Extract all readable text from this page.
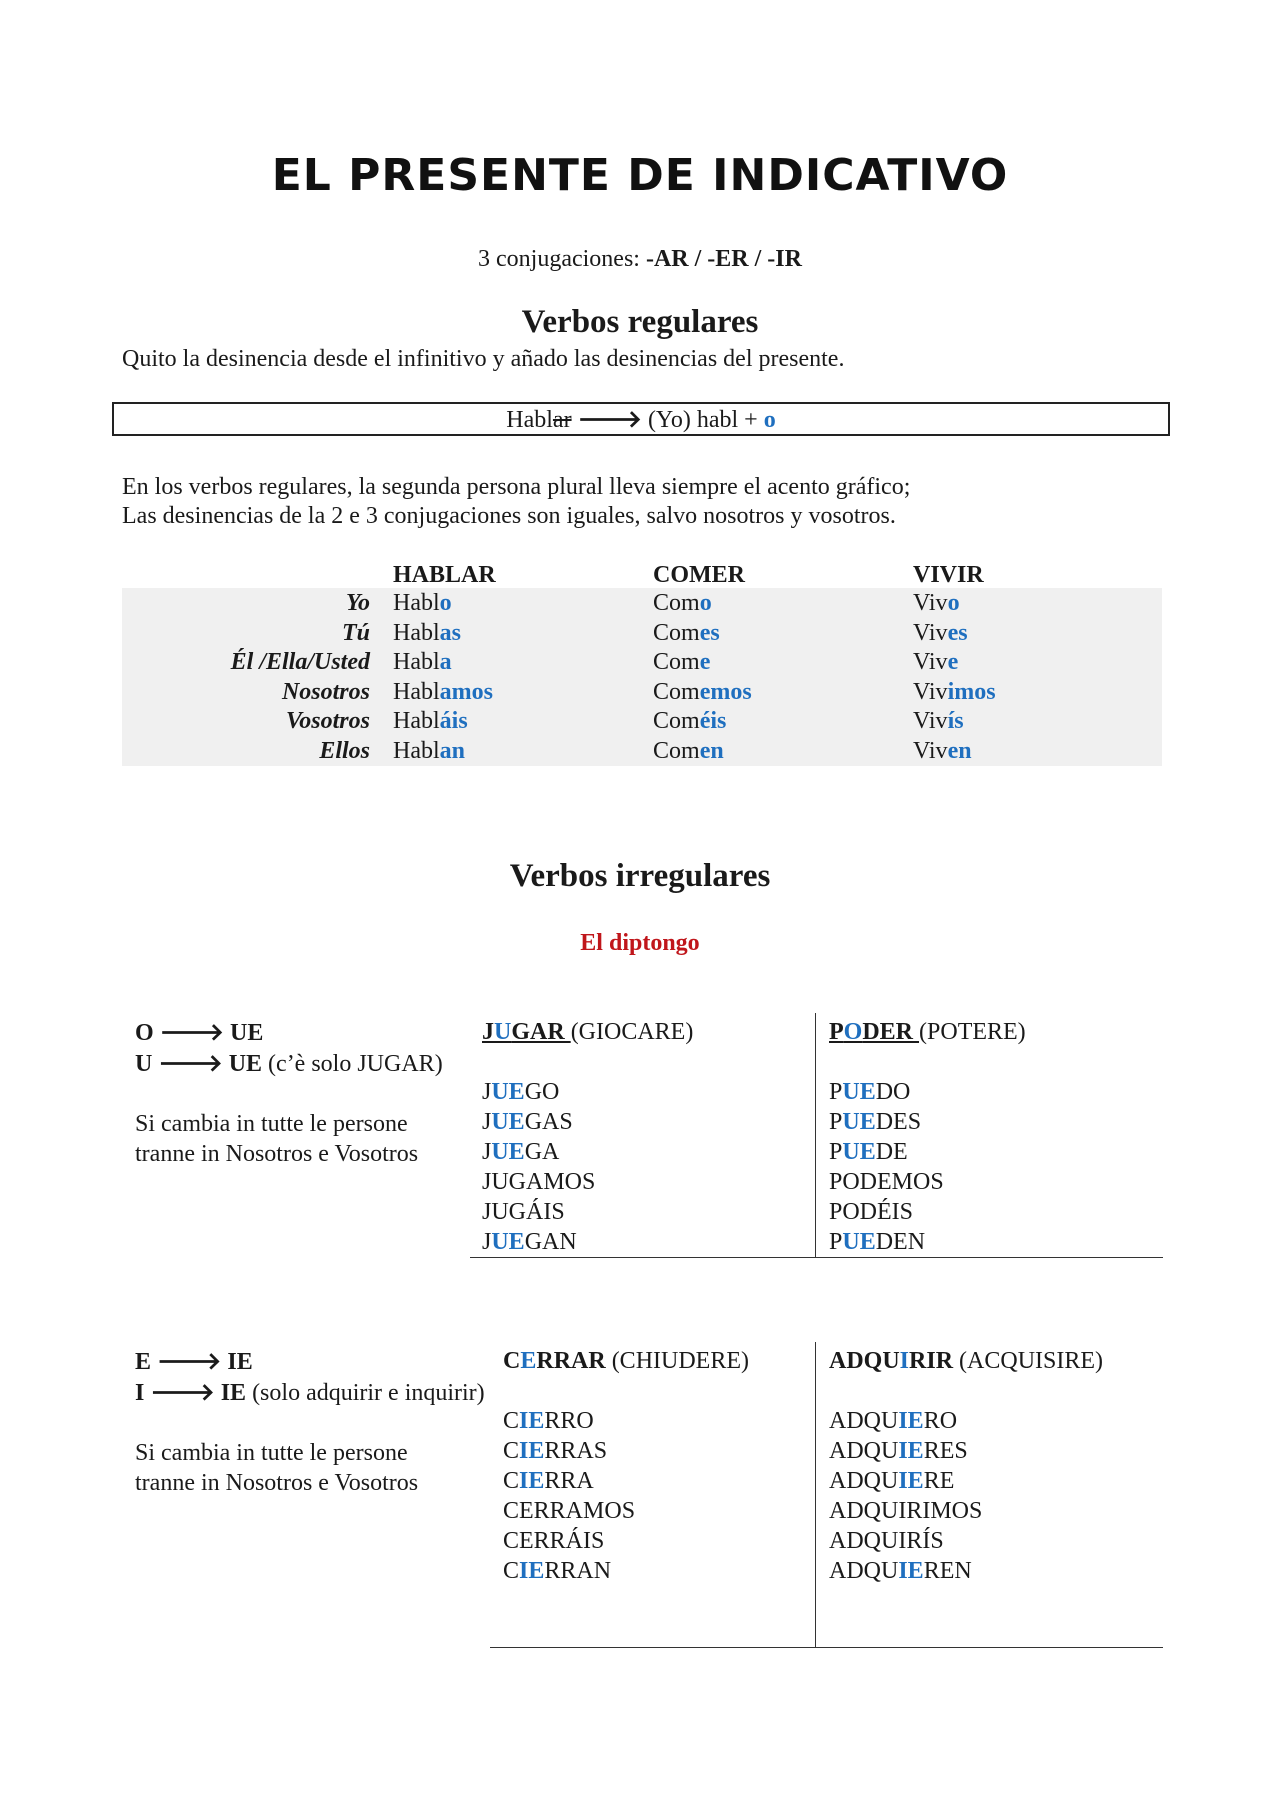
EL PRESENTE DE INDICATIVO
3 conjugaciones: -AR / -ER / -IR
Verbos regulares
Quito la desinencia desde el infinitivo y añado las desinencias del presente.
Hablar 🡒 (Yo) habl + o
En los verbos regulares, la segunda persona plural lleva siempre el acento gráfico;
Las desinencias de la 2 e 3 conjugaciones son iguales, salvo nosotros y vosotros.
HABLAR	COMER	VIVIR
Yo
Tú
Él /Ella/Usted
Nosotros
Vosotros
Ellos
Hablo
Hablas
Habla
Hablamos
Habláis
Hablan
Como
Comes
Come
Comemos
Coméis
Comen
Vivo
Vives
Vive
Vivimos
Vivís
Viven
Verbos irregulares
El diptongo
O 🡒 UE
U 🡒 UE (c’è solo JUGAR)
Si cambia in tutte le persone
tranne in Nosotros e Vosotros
JUGAR (GIOCARE)
JUEGO
JUEGAS
JUEGA
JUGAMOS
JUGÁIS
JUEGAN
PODER (POTERE)
PUEDO
PUEDES
PUEDE
PODEMOS
PODÉIS
PUEDEN
E 🡒 IE
I 🡒 IE (solo adquirir e inquirir)
Si cambia in tutte le persone
tranne in Nosotros e Vosotros
CERRAR (CHIUDERE)
CIERRO
CIERRAS
CIERRA
CERRAMOS
CERRÁIS
CIERRAN
ADQUIRIR (ACQUISIRE)
ADQUIERO
ADQUIERES
ADQUIERE
ADQUIRIMOS
ADQUIRÍS
ADQUIEREN
